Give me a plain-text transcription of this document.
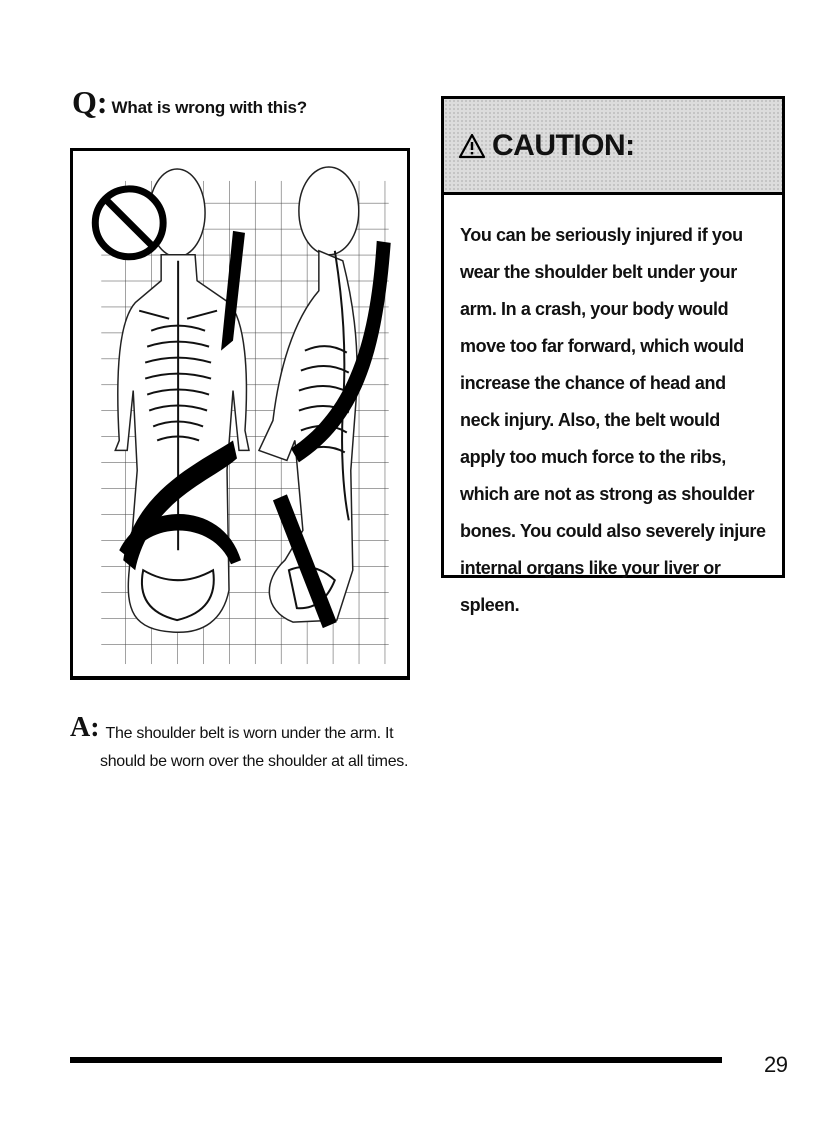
Q: What is wrong with this?
A: The shoulder belt is worn under the arm. It should be worn over the shoulder at all times.
CAUTION:
You can be seriously injured if you wear the shoulder belt under your arm. In a crash, your body would move too far forward, which would increase the chance of head and neck injury. Also, the belt would apply too much force to the ribs, which are not as strong as shoulder bones. You could also severely injure internal organs like your liver or spleen.
29
